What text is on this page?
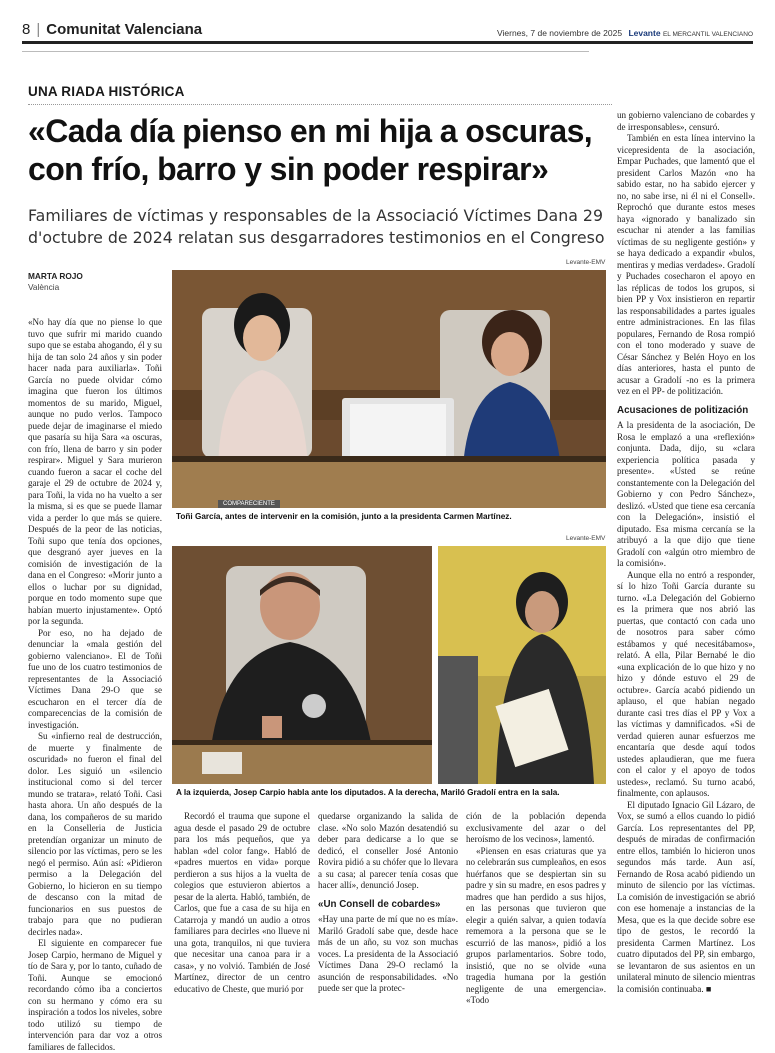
8 | Comunitat Valenciana	Viernes, 7 de noviembre de 2025 Levante EL MERCANTIL VALENCIANO
UNA RIADA HISTÓRICA
«Cada día pienso en mi hija a oscuras, con frío, barro y sin poder respirar»
Familiares de víctimas y responsables de la Associació Víctimes Dana 29 d'octubre de 2024 relatan sus desgarradores testimonios en el Congreso
MARTA ROJO
València
Levante-EMV
COMPARECIENTE
Toñi García, antes de intervenir en la comisión, junto a la presidenta Carmen Martínez.
Levante-EMV
A la izquierda, Josep Carpio habla ante los diputados. A la derecha, Mariló Gradolí entra en la sala.

«No hay día que no piense lo que tuvo que sufrir mi marido cuando supo que se estaba ahogando, él y su hija de tan solo 24 años y sin poder hacer nada para auxiliarla». Toñi García no puede olvidar cómo imagina que fueron los últimos momentos de su marido, Miguel, aunque no pudo verlos. Tampoco puede dejar de imaginarse el miedo que pasaría su hija Sara «a oscuras, con frío, llena de barro y sin poder respirar». Miguel y Sara murieron cuando fueron a sacar el coche del garaje el 29 de octubre de 2024 y, para Toñi, la vida no ha vuelto a ser la misma, si es que se puede llamar vida a perder lo que más se quiere. Después de la peor de las noticias, Toñi supo que tenía dos opciones, que desgranó ayer jueves en la comisión de investigación de la dana en el Congreso: «Morir junto a ellos o luchar por su dignidad, porque en todo momento supe que habían muerto injustamente». Optó por la segunda.

Por eso, no ha dejado de denunciar la «mala gestión del gobierno valenciano». El de Toñi fue uno de los cuatro testimonios de representantes de la Associació Víctimes Dana 29-O que se escucharon en el tercer día de comparecencias de la comisión de investigación.

Su «infierno real de destrucción, de muerte y finalmente de oscuridad» no fueron el final del dolor. Les siguió un «silencio institucional como si del tercer mundo se tratara», relató Toñi. Casi hasta ahora. Un año después de la dana, los compañeros de su marido en la Conselleria de Justicia pretendían organizar un minuto de silencio por las víctimas, pero se les negó el permiso. Aún así: «Pidieron permiso a la Delegación del Gobierno, lo hicieron en su tiempo de descanso con la mitad de funcionarios en sus puestos de trabajo para que no pudieran decirles nada».

El siguiente en comparecer fue Josep Carpio, hermano de Miguel y tío de Sara y, por lo tanto, cuñado de Toñi. Aunque se emocionó recordando cómo iba a conciertos con su hermano y cómo era su inspiración a todos los niveles, sobre todo utilizó su tiempo de intervención para dar voz a otros familiares de fallecidos.

Recordó el trauma que supone el agua desde el pasado 29 de octubre para los más pequeños, que ya hablan «del color fang». Habló de «padres muertos en vida» porque perdieron a sus hijos a la vuelta de colegios que estuvieron abiertos a pesar de la alerta. Habló, también, de Carlos, que fue a casa de su hija en Catarroja y mandó un audio a otros familiares para decirles «no llueve ni una gota, tranquilos, ni que tuviera que necesitar una canoa para ir a casa», y no volvió. También de José Martínez, director de un centro educativo de Cheste, que murió por

quedarse organizando la salida de clase. «No solo Mazón desatendió su deber para dedicarse a lo que se dedicó, el conseller José Antonio Rovira pidió a su chófer que lo llevara a su casa; al parecer tenía cosas que hacer allí», denunció Josep.

«Un Consell de cobardes»

«Hay una parte de mí que no es mía». Mariló Gradolí sabe que, desde hace más de un año, su voz son muchas voces. La presidenta de la Associació Víctimes Dana 29-O reclamó la asunción de responsabilidades. «No puede ser que la protec-

ción de la población dependa exclusivamente del azar o del heroísmo de los vecinos», lamentó.

«Piensen en esas criaturas que ya no celebrarán sus cumpleaños, en esos huérfanos que se despiertan sin su padre y sin su madre, en esos padres y madres que han perdido a sus hijos, en las personas que tuvieron que elegir a quién salvar, a quien todavía rememora a la persona que se le escurrió de las manos», pidió a los grupos parlamentarios. Sobre todo, insistió, que no se olvide «una tragedia humana por la gestión negligente de una emergencia». «Todo

un gobierno valenciano de cobardes y de irresponsables», censuró.

También en esta línea intervino la vicepresidenta de la asociación, Empar Puchades, que lamentó que el president Carlos Mazón «no ha sabido estar, no ha sabido ejercer y no, no sabe irse, ni él ni el Consell». Reprochó que durante estos meses haya «ignorado y banalizado sin escuchar ni atender a las familias víctimas de su negligente gestión» y se haya dedicado a expandir «bulos, mentiras y medias verdades». Gradolí y Puchades cosecharon el apoyo en las réplicas de todos los grupos, si bien PP y Vox insistieron en repartir las responsabilidades a partes iguales entre administraciones. En las filas populares, Fernando de Rosa rompió con el tono moderado y suave de César Sánchez y Belén Hoyo en los días anteriores, hasta el punto de acusar a Gradolí -no es la primera vez en el PP- de politización.

Acusaciones de politización

A la presidenta de la asociación, De Rosa le emplazó a una «reflexión» conjunta. Dada, dijo, su «clara experiencia política pasada y presente». «Usted se reúne constantemente con la Delegación del Gobierno y con Pedro Sánchez», deslizó. «Usted que tiene esa cercanía con la Delegación», insistió el diputado. Esa misma cercanía se la atribuyó a la que dijo que tiene Gradolí con «algún otro miembro de la comisión».

Aunque ella no entró a responder, sí lo hizo Toñi García durante su turno. «La Delegación del Gobierno es la primera que nos abrió las puertas, que contactó con cada uno de nosotros para saber cómo estábamos y qué necesitábamos», relató. A ella, Pilar Bernabé le dio «una explicación de lo que hizo y no hizo y dónde estuvo el 29 de octubre». García acabó pidiendo un aplauso, el que habían negado durante casi tres días el PP y Vox a las víctimas y damnificados. «Si de verdad quieren aunar esfuerzos me encantaría que desde aquí todos ustedes aplaudieran, que me fuera con el calor y el apoyo de todos ustedes», reclamó. Su turno acabó, finalmente, con aplausos.

El diputado Ignacio Gil Lázaro, de Vox, se sumó a ellos cuando lo pidió García. Los representantes del PP, después de miradas de confirmación entre ellos, también lo hicieron unos segundos más tarde. Aun así, Fernando de Rosa acabó pidiendo un minuto de silencio por las víctimas. La comisión de investigación se abrió con ese homenaje a instancias de la Mesa, que es la que decide sobre ese tipo de gestos, le recordó la presidenta Carmen Martínez. Los cuatro diputados del PP, sin embargo, se levantaron de sus asientos en un unilateral minuto de silencio mientras la comisión continuaba. ■
